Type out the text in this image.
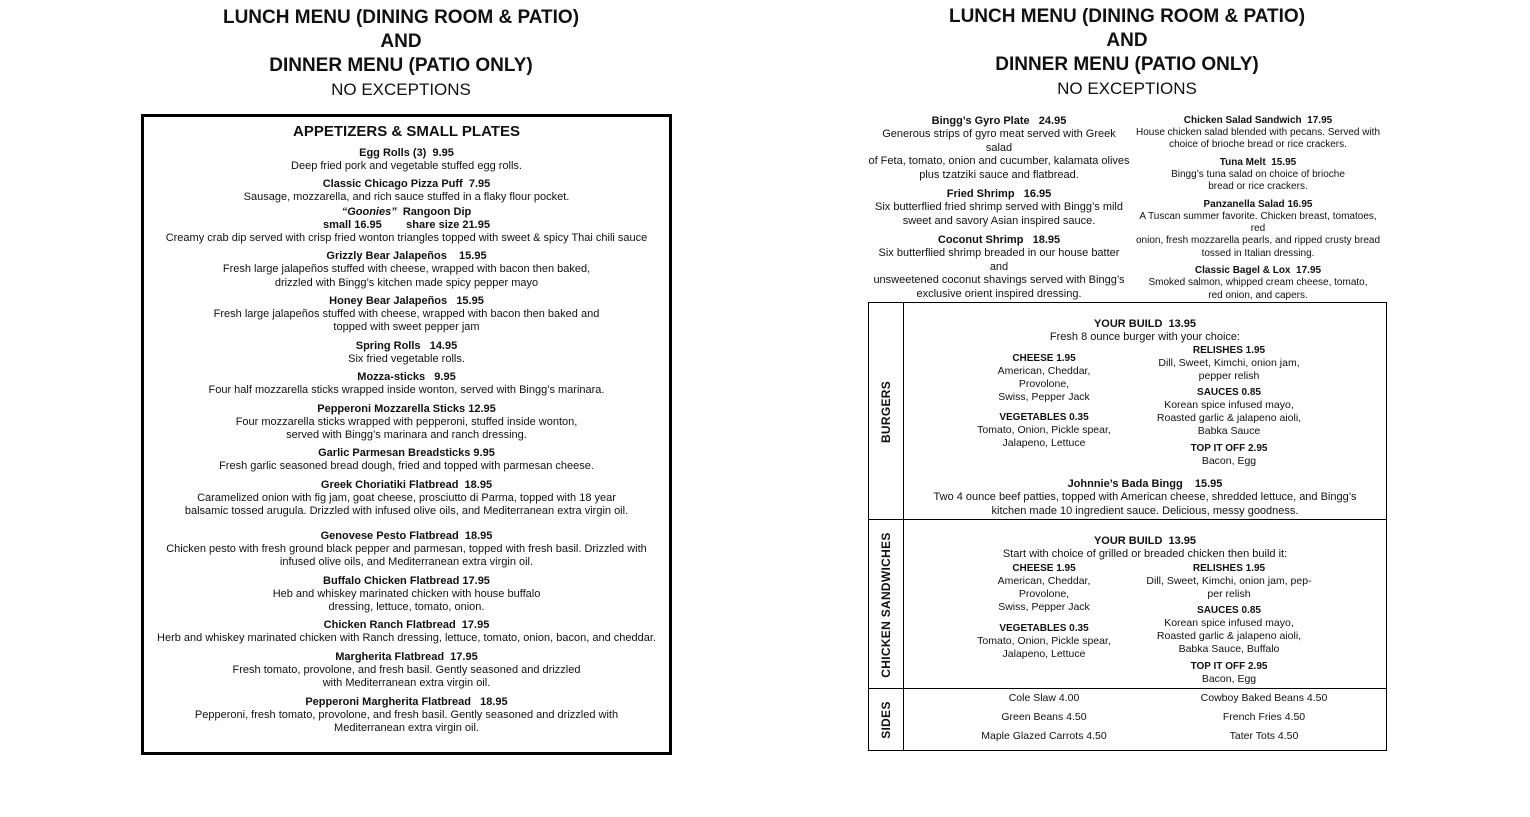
LUNCH MENU (DINING ROOM & PATIO)
AND
DINNER MENU (PATIO ONLY)
NO EXCEPTIONS
APPETIZERS & SMALL PLATES
Egg Rolls (3)  9.95
Deep fried pork and vegetable stuffed egg rolls.
Classic Chicago Pizza Puff  7.95
Sausage, mozzarella, and rich sauce stuffed in a flaky flour pocket.
“Goonies”  Rangoon Dip
small 16.95        share size 21.95
Creamy crab dip served with crisp fried wonton triangles topped with sweet & spicy Thai chili sauce
Grizzly Bear Jalapeños    15.95
Fresh large jalapeños stuffed with cheese, wrapped with bacon then baked,
drizzled with Bingg’s kitchen made spicy pepper mayo
Honey Bear Jalapeños   15.95
Fresh large jalapeños stuffed with cheese, wrapped with bacon then baked and
topped with sweet pepper jam
Spring Rolls   14.95
Six fried vegetable rolls.
Mozza-sticks   9.95
Four half mozzarella sticks wrapped inside wonton, served with Bingg’s marinara.
Pepperoni Mozzarella Sticks 12.95
Four mozzarella sticks wrapped with pepperoni, stuffed inside wonton,
served with Bingg’s marinara and ranch dressing.
Garlic Parmesan Breadsticks 9.95
Fresh garlic seasoned bread dough, fried and topped with parmesan cheese.
Greek Choriatiki Flatbread  18.95
Caramelized onion with fig jam, goat cheese, prosciutto di Parma, topped with 18 year
balsamic tossed arugula. Drizzled with infused olive oils, and Mediterranean extra virgin oil.
Genovese Pesto Flatbread  18.95
Chicken pesto with fresh ground black pepper and parmesan, topped with fresh basil. Drizzled with
infused olive oils, and Mediterranean extra virgin oil.
Buffalo Chicken Flatbread 17.95
Heb and whiskey marinated chicken with house buffalo
dressing, lettuce, tomato, onion.
Chicken Ranch Flatbread  17.95
Herb and whiskey marinated chicken with Ranch dressing, lettuce, tomato, onion, bacon, and cheddar.
Margherita Flatbread  17.95
Fresh tomato, provolone, and fresh basil. Gently seasoned and drizzled
with Mediterranean extra virgin oil.
Pepperoni Margherita Flatbread   18.95
Pepperoni, fresh tomato, provolone, and fresh basil. Gently seasoned and drizzled with
Mediterranean extra virgin oil.
LUNCH MENU (DINING ROOM & PATIO)
AND
DINNER MENU (PATIO ONLY)
NO EXCEPTIONS
Bingg’s Gyro Plate   24.95
Generous strips of gyro meat served with Greek salad
of Feta, tomato, onion and cucumber, kalamata olives
plus tzatziki sauce and flatbread.
Fried Shrimp   16.95
Six butterflied fried shrimp served with Bingg’s mild
sweet and savory Asian inspired sauce.
Coconut Shrimp   18.95
Six butterflied shrimp breaded in our house batter and
unsweetened coconut shavings served with Bingg’s
exclusive orient inspired dressing.
Chicken Salad Sandwich  17.95
House chicken salad blended with pecans. Served with
choice of brioche bread or rice crackers.
Tuna Melt  15.95
Bingg’s tuna salad on choice of brioche
bread or rice crackers.
Panzanella Salad 16.95
A Tuscan summer favorite. Chicken breast, tomatoes, red
onion, fresh mozzarella pearls, and ripped crusty bread
tossed in Italian dressing.
Classic Bagel & Lox  17.95
Smoked salmon, whipped cream cheese, tomato,
red onion, and capers.
BURGERS
YOUR BUILD  13.95
Fresh 8 ounce burger with your choice:
CHEESE 1.95
American, Cheddar,
Provolone,
Swiss, Pepper Jack
VEGETABLES 0.35
Tomato, Onion, Pickle spear,
Jalapeno, Lettuce
RELISHES 1.95
Dill, Sweet, Kimchi, onion jam,
pepper relish
SAUCES 0.85
Korean spice infused mayo,
Roasted garlic & jalapeno aioli,
Babka Sauce
TOP IT OFF 2.95
Bacon, Egg
Johnnie’s Bada Bingg    15.95
Two 4 ounce beef patties, topped with American cheese, shredded lettuce, and Bingg’s
kitchen made 10 ingredient sauce. Delicious, messy goodness.
CHICKEN SANDWICHES	YOUR BUILD  13.95
Start with choice of grilled or breaded chicken then build it:
CHEESE 1.95
American, Cheddar,
Provolone,
Swiss, Pepper Jack
VEGETABLES 0.35
Tomato, Onion, Pickle spear,
Jalapeno, Lettuce
RELISHES 1.95
Dill, Sweet, Kimchi, onion jam, pep-
per relish
SAUCES 0.85
Korean spice infused mayo,
Roasted garlic & jalapeno aioli,
Babka Sauce, Buffalo
TOP IT OFF 2.95
Bacon, Egg
SIDES
Cole Slaw 4.00
Green Beans 4.50
Maple Glazed Carrots 4.50
Cowboy Baked Beans 4.50
French Fries 4.50
Tater Tots 4.50
